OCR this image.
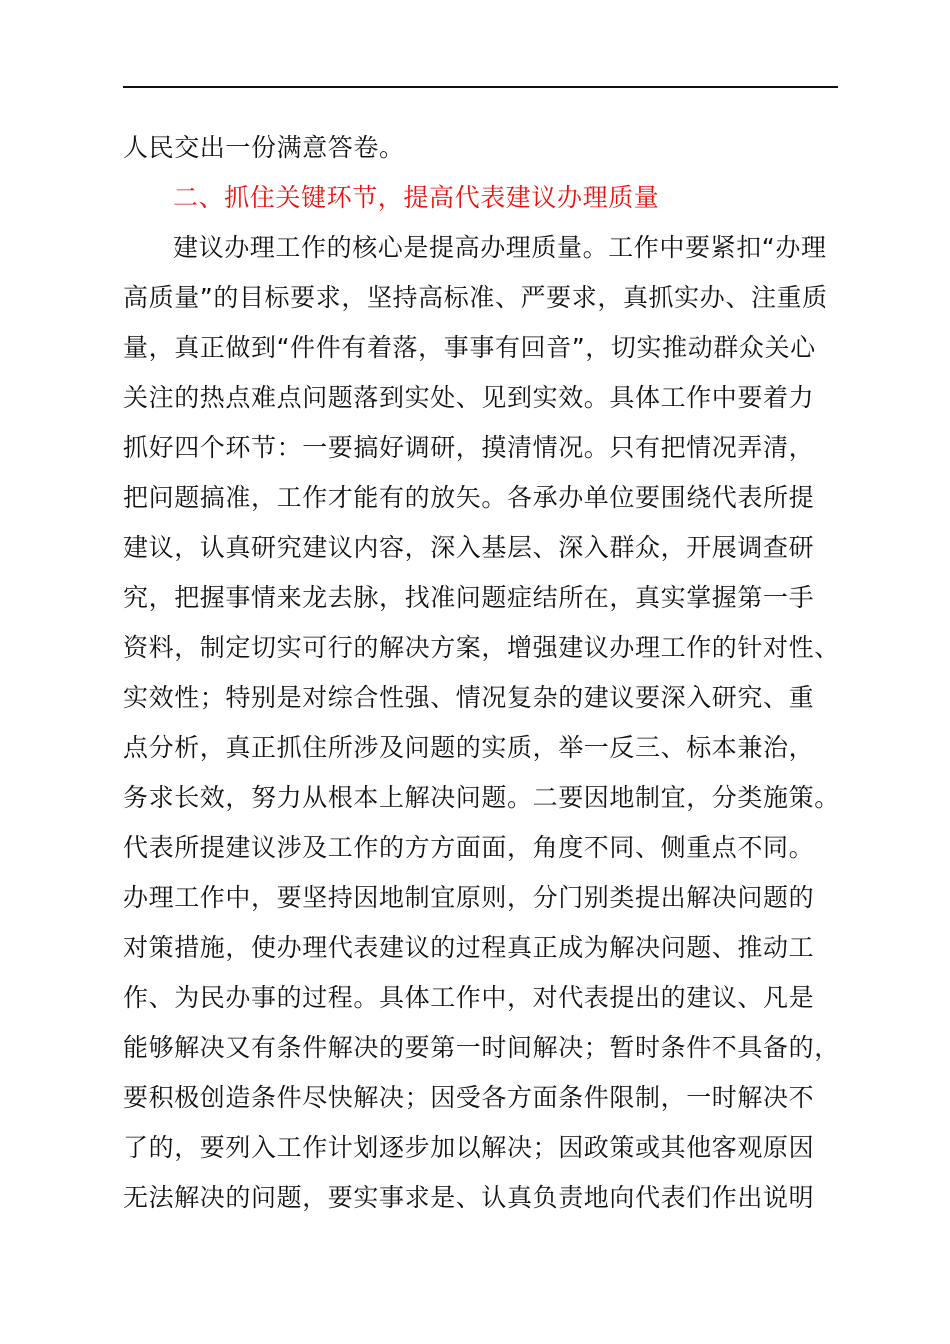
人民交出一份满意答卷。
二、抓住关键环节，提高代表建议办理质量
建议办理工作的核心是提高办理质量。工作中要紧扣“办理
高质量”的目标要求，坚持高标准、严要求，真抓实办、注重质
量，真正做到“件件有着落，事事有回音”，切实推动群众关心
关注的热点难点问题落到实处、见到实效。具体工作中要着力
抓好四个环节：一要搞好调研，摸清情况。只有把情况弄清，
把问题搞准，工作才能有的放矢。各承办单位要围绕代表所提
建议，认真研究建议内容，深入基层、深入群众，开展调查研
究，把握事情来龙去脉，找准问题症结所在，真实掌握第一手
资料，制定切实可行的解决方案，增强建议办理工作的针对性、
实效性；特别是对综合性强、情况复杂的建议要深入研究、重
点分析，真正抓住所涉及问题的实质，举一反三、标本兼治，
务求长效，努力从根本上解决问题。二要因地制宜，分类施策。
代表所提建议涉及工作的方方面面，角度不同、侧重点不同。
办理工作中，要坚持因地制宜原则，分门别类提出解决问题的
对策措施，使办理代表建议的过程真正成为解决问题、推动工
作、为民办事的过程。具体工作中，对代表提出的建议、凡是
能够解决又有条件解决的要第一时间解决；暂时条件不具备的，
要积极创造条件尽快解决；因受各方面条件限制，一时解决不
了的，要列入工作计划逐步加以解决；因政策或其他客观原因
无法解决的问题，要实事求是、认真负责地向代表们作出说明
